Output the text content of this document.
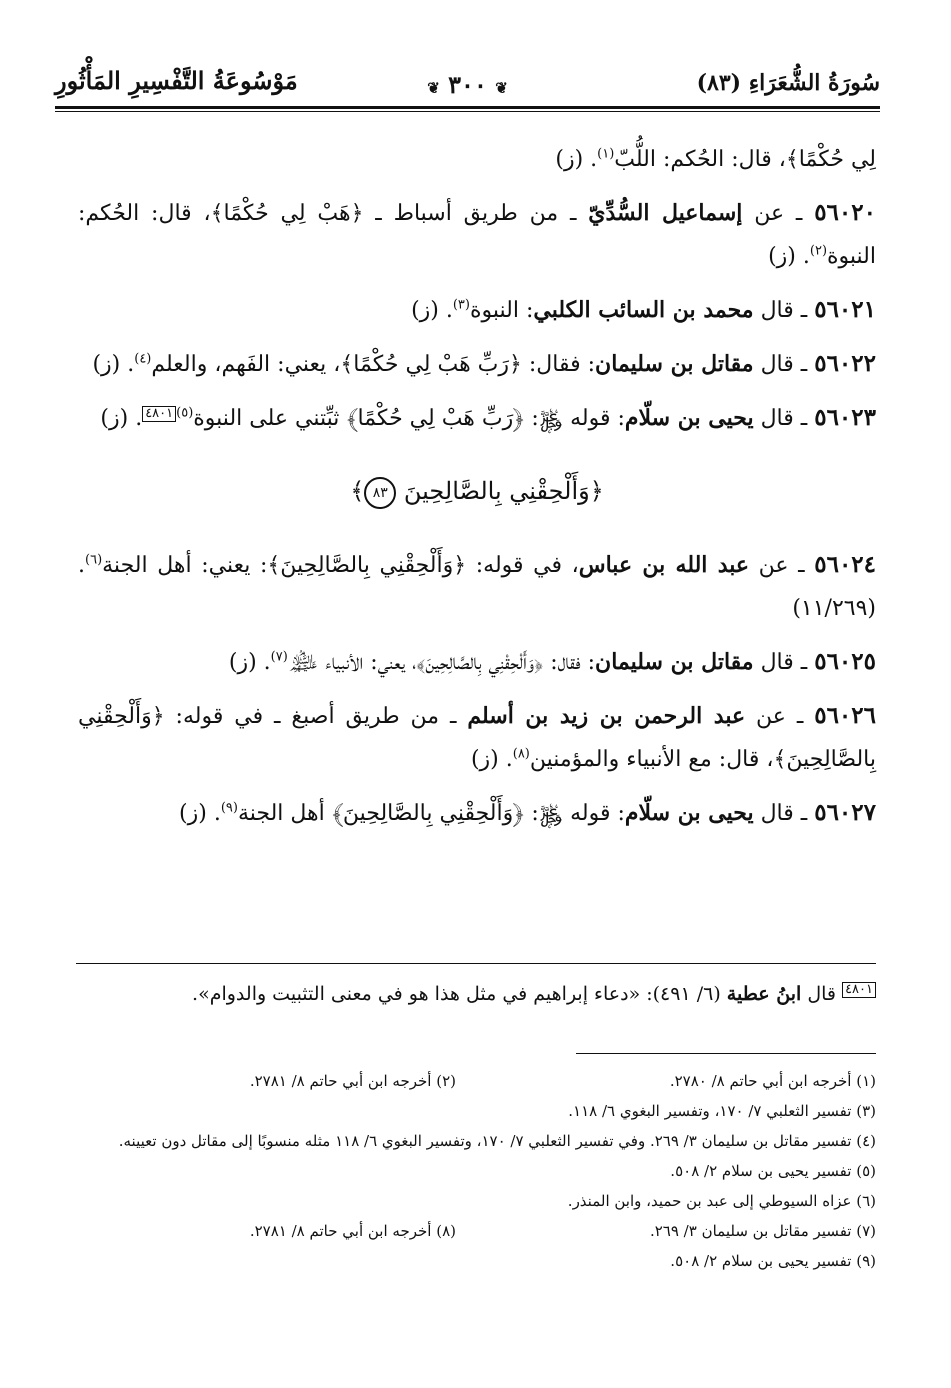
سُورَةُ الشُّعَرَاءِ (٨٣)
❦ ٣٠٠ ❦
مَوْسُوعَةُ التَّفْسِيرِ المَأْثُورِ

لِي حُكْمًا﴾، قال: الحُكم: اللُّبّ$^{(١)}$. (ز)

٥٦٠٢٠ ـ عن إسماعيل السُّدِّيّ ـ من طريق أسباط ـ ﴿هَبْ لِي حُكْمًا﴾، قال: الحُكم: النبوة$^{(٢)}$. (ز)

٥٦٠٢١ ـ قال محمد بن السائب الكلبي: النبوة$^{(٣)}$. (ز)

٥٦٠٢٢ ـ قال مقاتل بن سليمان: فقال: ﴿رَبِّ هَبْ لِي حُكْمًا﴾، يعني: الفَهم، والعلم$^{(٤)}$. (ز)

٥٦٠٢٣ ـ قال يحيى بن سلّام: قوله ﷿: ﴿رَبِّ هَبْ لِي حُكْمًا﴾ ثبِّتني على النبوة$^{(٥)}$٤٨٠١. (ز)

﴿وَأَلْحِقْنِي بِالصَّالِحِينَ ٨٣﴾

٥٦٠٢٤ ـ عن عبد الله بن عباس، في قوله: ﴿وَأَلْحِقْنِي بِالصَّالِحِينَ﴾: يعني: أهل الجنة$^{(٦)}$. (١١/٢٦٩)

٥٦٠٢٥ ـ قال مقاتل بن سليمان: فقال: ﴿وَأَلْحِقْنِي بِالصَّالِحِينَ﴾، يعني: الأنبياء ﵈$^{(٧)}$. (ز)

٥٦٠٢٦ ـ عن عبد الرحمن بن زيد بن أسلم ـ من طريق أصبغ ـ في قوله: ﴿وَأَلْحِقْنِي بِالصَّالِحِينَ﴾، قال: مع الأنبياء والمؤمنين$^{(٨)}$. (ز)

٥٦٠٢٧ ـ قال يحيى بن سلّام: قوله ﷿: ﴿وَأَلْحِقْنِي بِالصَّالِحِينَ﴾ أهل الجنة$^{(٩)}$. (ز)

٤٨٠١ قال ابنُ عطية (٦/ ٤٩١): «دعاء إبراهيم في مثل هذا هو في معنى التثبيت والدوام».
(١) أخرجه ابن أبي حاتم ٨/ ٢٧٨٠.
(٢) أخرجه ابن أبي حاتم ٨/ ٢٧٨١.
(٣) تفسير الثعلبي ٧/ ١٧٠، وتفسير البغوي ٦/ ١١٨.
(٤) تفسير مقاتل بن سليمان ٣/ ٢٦٩. وفي تفسير الثعلبي ٧/ ١٧٠، وتفسير البغوي ٦/ ١١٨ مثله منسوبًا إلى مقاتل دون تعيينه.
(٥) تفسير يحيى بن سلام ٢/ ٥٠٨.
(٦) عزاه السيوطي إلى عبد بن حميد، وابن المنذر.
(٧) تفسير مقاتل بن سليمان ٣/ ٢٦٩.
(٨) أخرجه ابن أبي حاتم ٨/ ٢٧٨١.
(٩) تفسير يحيى بن سلام ٢/ ٥٠٨.
